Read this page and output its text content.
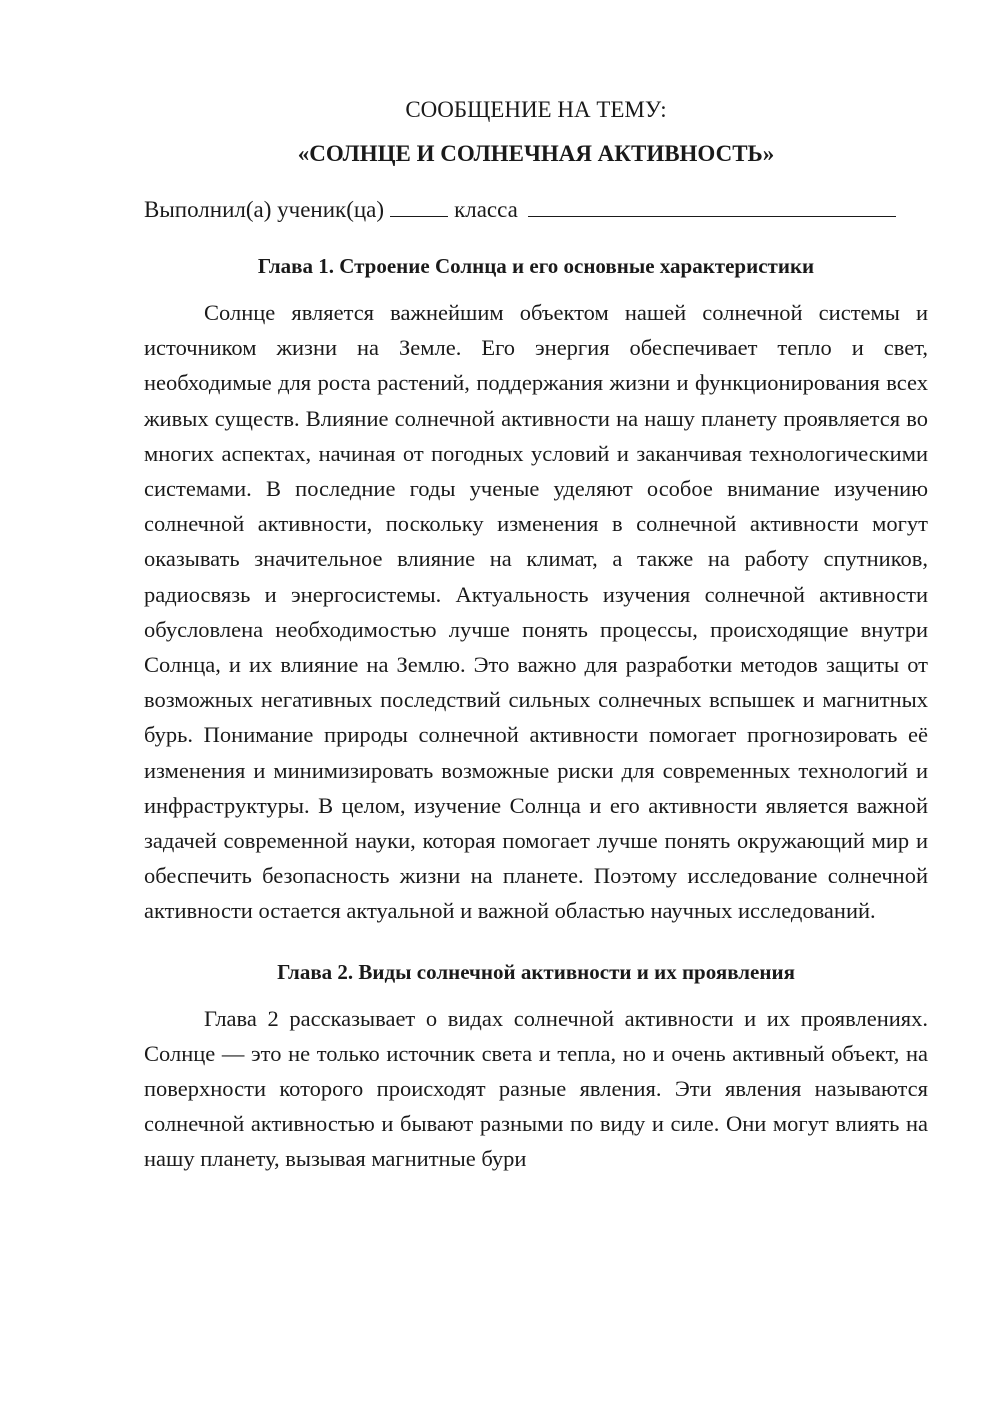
СООБЩЕНИЕ НА ТЕМУ:

«СОЛНЦЕ И СОЛНЕЧНАЯ АКТИВНОСТЬ»

Выполнил(а) ученик(ца)	класса
Глава 1. Строение Солнца и его основные характеристики

Солнце является важнейшим объектом нашей солнечной системы и источником жизни на Земле. Его энергия обеспечивает тепло и свет, необходимые для роста растений, поддержания жизни и функционирования всех живых существ. Влияние солнечной активности на нашу планету проявляется во многих аспектах, начиная от погодных условий и заканчивая технологическими системами. В последние годы ученые уделяют особое внимание изучению солнечной активности, поскольку изменения в солнечной активности могут оказывать значительное влияние на климат, а также на работу спутников, радиосвязь и энергосистемы. Актуальность изучения солнечной активности обусловлена необходимостью лучше понять процессы, происходящие внутри Солнца, и их влияние на Землю. Это важно для разработки методов защиты от возможных негативных последствий сильных солнечных вспышек и магнитных бурь. Понимание природы солнечной активности помогает прогнозировать её изменения и минимизировать возможные риски для современных технологий и инфраструктуры. В целом, изучение Солнца и его активности является важной задачей современной науки, которая помогает лучше понять окружающий мир и обеспечить безопасность жизни на планете. Поэтому исследование солнечной активности остается актуальной и важной областью научных исследований.

Глава 2. Виды солнечной активности и их проявления

Глава 2 рассказывает о видах солнечной активности и их проявлениях. Солнце — это не только источник света и тепла, но и очень активный объект, на поверхности которого происходят разные явления. Эти явления называются солнечной активностью и бывают разными по виду и силе. Они могут влиять на нашу планету, вызывая магнитные бури
